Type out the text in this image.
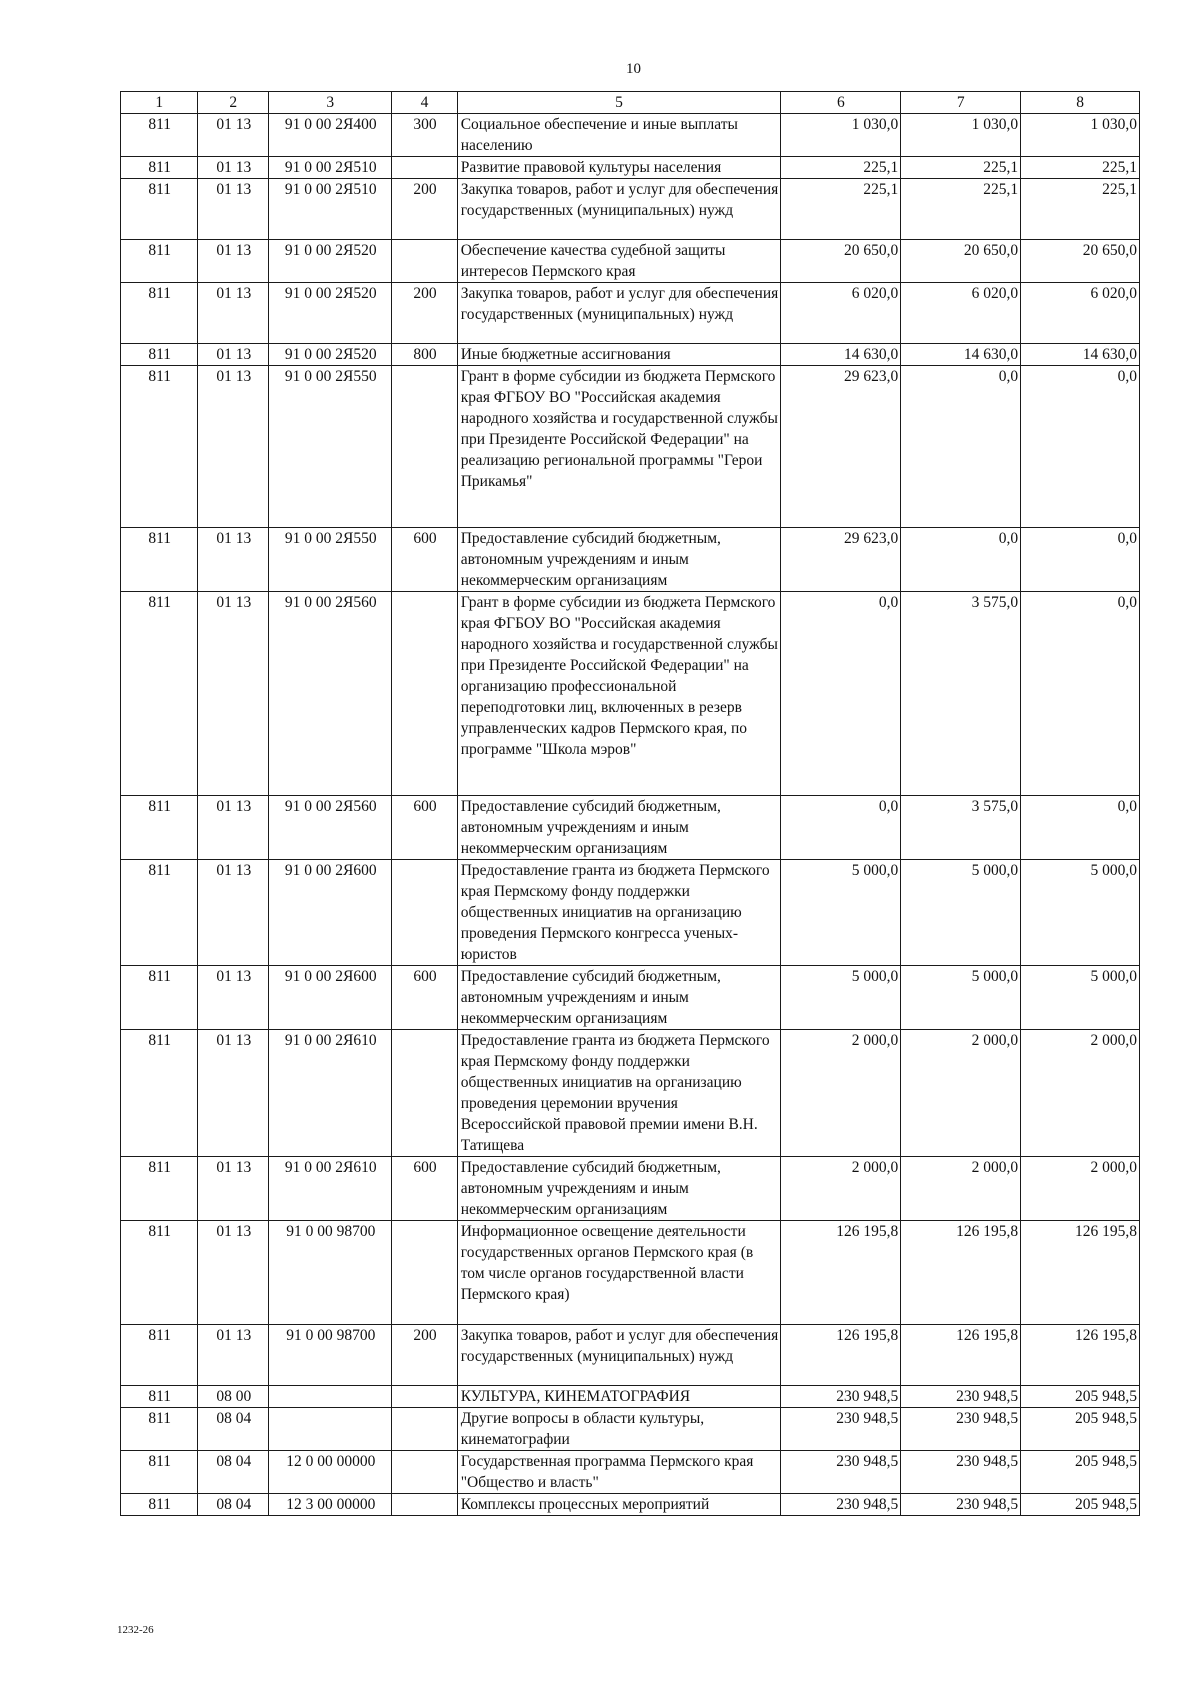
10
1	2	3	4	5	6	7	8
811	01 13	91 0 00 2Я400	300	Социальное обеспечение и иные выплаты населению	1 030,0	1 030,0	1 030,0
811	01 13	91 0 00 2Я510		Развитие правовой культуры населения	225,1	225,1	225,1
811	01 13	91 0 00 2Я510	200	Закупка товаров, работ и услуг для обеспечения государственных (муниципальных) нужд	225,1	225,1	225,1
811	01 13	91 0 00 2Я520		Обеспечение качества судебной защиты интересов Пермского края	20 650,0	20 650,0	20 650,0
811	01 13	91 0 00 2Я520	200	Закупка товаров, работ и услуг для обеспечения государственных (муниципальных) нужд	6 020,0	6 020,0	6 020,0
811	01 13	91 0 00 2Я520	800	Иные бюджетные ассигнования	14 630,0	14 630,0	14 630,0
811	01 13	91 0 00 2Я550		Грант в форме субсидии из бюджета Пермского края ФГБОУ ВО "Российская академия народного хозяйства и государственной службы при Президенте Российской Федерации" на реализацию региональной программы "Герои Прикамья"	29 623,0	0,0	0,0
811	01 13	91 0 00 2Я550	600	Предоставление субсидий бюджетным, автономным учреждениям и иным некоммерческим организациям	29 623,0	0,0	0,0
811	01 13	91 0 00 2Я560		Грант в форме субсидии из бюджета Пермского края ФГБОУ ВО "Российская академия народного хозяйства и государственной службы при Президенте Российской Федерации" на организацию профессиональной переподготовки лиц, включенных в резерв управленческих кадров Пермского края, по программе "Школа мэров"	0,0	3 575,0	0,0
811	01 13	91 0 00 2Я560	600	Предоставление субсидий бюджетным, автономным учреждениям и иным некоммерческим организациям	0,0	3 575,0	0,0
811	01 13	91 0 00 2Я600		Предоставление гранта из бюджета Пермского края Пермскому фонду поддержки общественных инициатив на организацию проведения Пермского конгресса ученых-юристов	5 000,0	5 000,0	5 000,0
811	01 13	91 0 00 2Я600	600	Предоставление субсидий бюджетным, автономным учреждениям и иным некоммерческим организациям	5 000,0	5 000,0	5 000,0
811	01 13	91 0 00 2Я610		Предоставление гранта из бюджета Пермского края Пермскому фонду поддержки общественных инициатив на организацию проведения церемонии вручения Всероссийской правовой премии имени В.Н. Татищева	2 000,0	2 000,0	2 000,0
811	01 13	91 0 00 2Я610	600	Предоставление субсидий бюджетным, автономным учреждениям и иным некоммерческим организациям	2 000,0	2 000,0	2 000,0
811	01 13	91 0 00 98700		Информационное освещение деятельности государственных органов Пермского края (в том числе органов государственной власти Пермского края)	126 195,8	126 195,8	126 195,8
811	01 13	91 0 00 98700	200	Закупка товаров, работ и услуг для обеспечения государственных (муниципальных) нужд	126 195,8	126 195,8	126 195,8
811	08 00			КУЛЬТУРА, КИНЕМАТОГРАФИЯ	230 948,5	230 948,5	205 948,5
811	08 04			Другие вопросы в области культуры, кинематографии	230 948,5	230 948,5	205 948,5
811	08 04	12 0 00 00000		Государственная программа Пермского края "Общество и власть"	230 948,5	230 948,5	205 948,5
811	08 04	12 3 00 00000		Комплексы процессных мероприятий	230 948,5	230 948,5	205 948,5
1232-26
